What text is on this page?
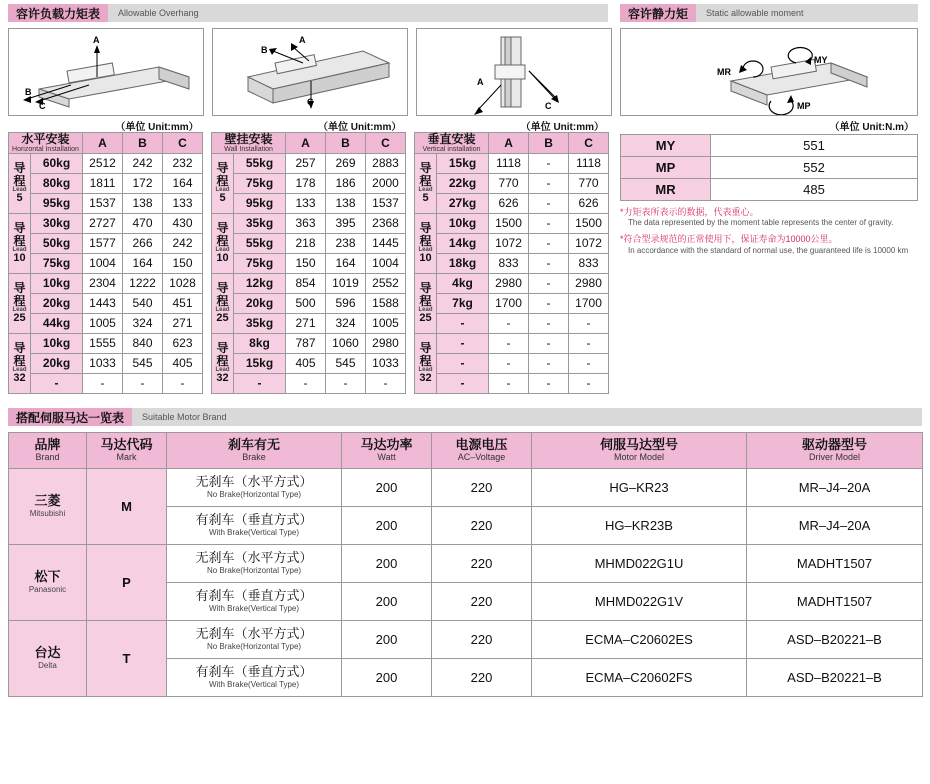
容许负载力矩表	Allowable Overhang	容许静力矩	Static allowable moment
A
C
B
B
A
C	C
A
（单位 Unit:mm）	（单位 Unit:mm）	（单位 Unit:mm）
水平安装
Horizontal Installation		A	B	C

导
程
Lead
5	60kg	2512	242	232
	80kg	1811	172	164
	95kg	1537	138	133

导
程
Lead
10	30kg	2727	470	430
	50kg	1577	266	242
	75kg	1004	164	150

导
程
Lead
25	10kg	2304	1222	1028
	20kg	1443	540	451
	44kg	1005	324	271

导
程
Lead
32	10kg	1555	840	623
	20kg	1033	545	405
	-	-	-	-
壁挂安装
Wall Installation		A	B	C

导
程
Lead
5	55kg	257	269	2883
	75kg	178	186	2000
	95kg	133	138	1537

导
程
Lead
10	35kg	363	395	2368
	55kg	218	238	1445
	75kg	150	164	1004

导
程
Lead
25	12kg	854	1019	2552
	20kg	500	596	1588
	35kg	271	324	1005

导
程
Lead
32	8kg	787	1060	2980
	15kg	405	545	1033
	-	-	-	-
垂直安装
Vertical installation		A	B	C

导
程
Lead
5	15kg	1118	-	1118
	22kg	770	-	770
	27kg	626	-	626

导
程
Lead
10	10kg	1500	-	1500
	14kg	1072	-	1072
	18kg	833	-	833

导
程
Lead
25	4kg	2980	-	2980
	7kg	1700	-	1700
	-	-	-	-

导
程
Lead
32	-	-	-	-
	-	-	-	-
	-	-	-	-
MY
MR
MP
（单位 Unit:N.m）
MY	551
MP	552
MR	485
*力矩表所表示的数据，代表重心。
The data represented by the moment table represents the center of gravity.
*符合型录规范的正常使用下，保证寿命为10000公里。
In accordance with the standard of normal use, the guaranteed life is 10000 km
搭配伺服马达一览表	Suitable Motor Brand
品牌
Brand	马达代码
Mark	刹车有无
Brake	马达功率
Watt	电源电压
AC–Voltage	伺服马达型号
Motor Model	驱动器型号
Driver Model

三菱
Mitsubishi	M	无刹车（水平方式）
No Brake(Horizontal Type)	200	220	HG–KR23	MR–J4–20A
		有刹车（垂直方式）
With Brake(Vertical Type)	200	220	HG–KR23B	MR–J4–20A
松下
Panasonic	P	无刹车（水平方式）
No Brake(Horizontal Type)	200	220	MHMD022G1U	MADHT1507
		有刹车（垂直方式）
With Brake(Vertical Type)	200	220	MHMD022G1V	MADHT1507
台达
Delta	T	无刹车（水平方式）
No Brake(Horizontal Type)	200	220	ECMA–C20602ES	ASD–B20221–B
		有刹车（垂直方式）
With Brake(Vertical Type)	200	220	ECMA–C20602FS	ASD–B20221–B
